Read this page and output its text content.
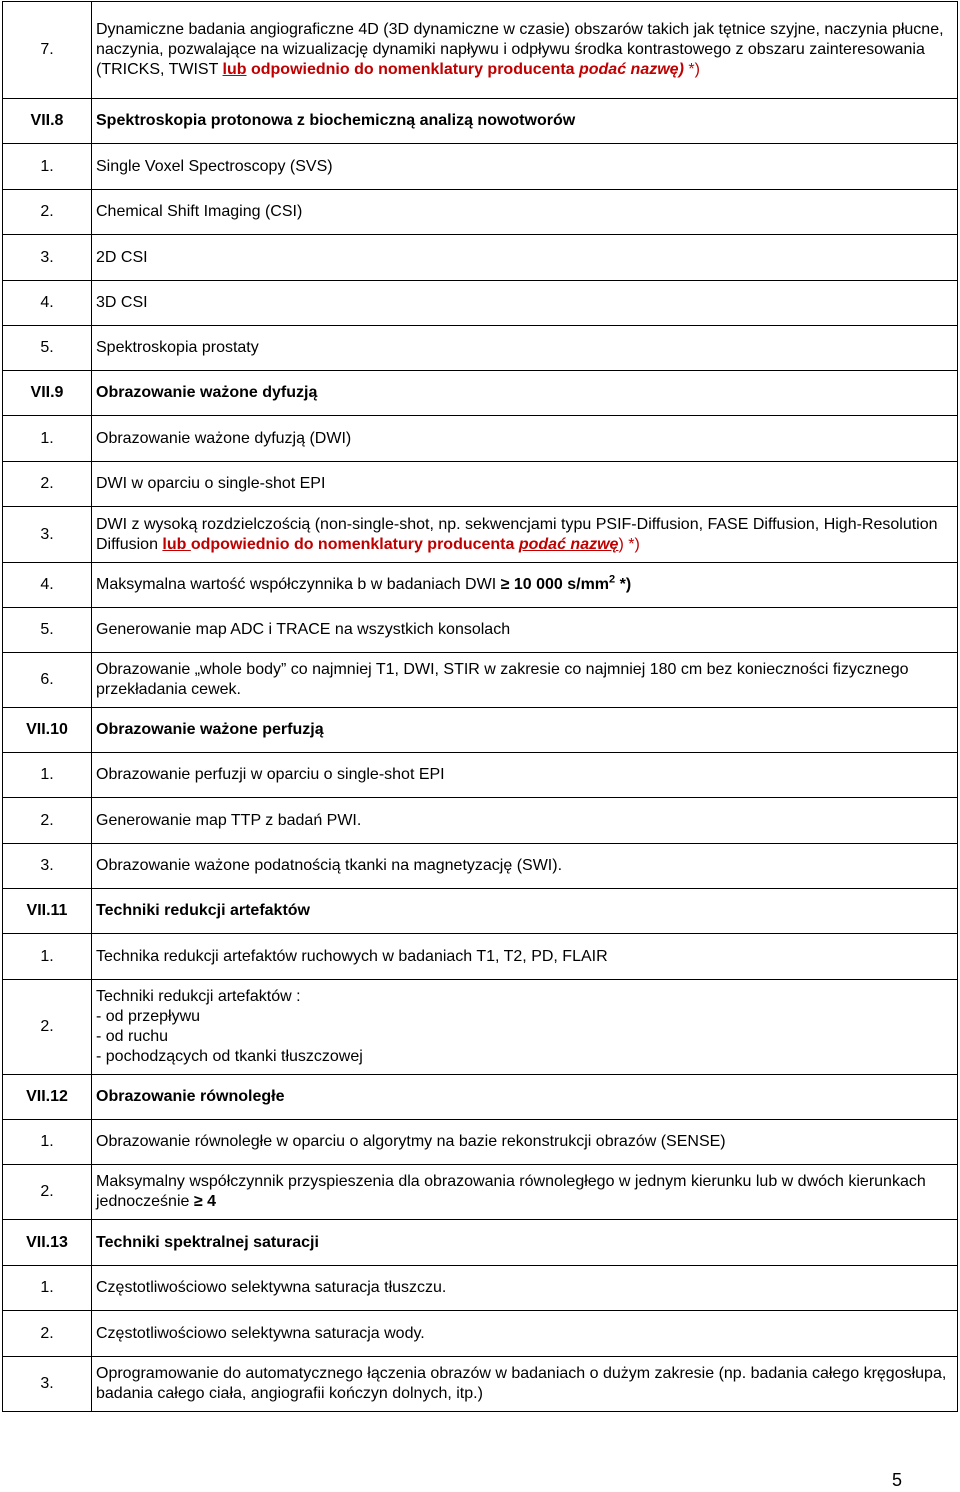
7.	Dynamiczne badania angiograficzne 4D (3D dynamiczne w czasie) obszarów takich jak tętnice szyjne, naczynia płucne, naczynia, pozwalające na wizualizację dynamiki napływu i odpływu środka kontrastowego z obszaru zainteresowania (TRICKS, TWIST lub odpowiednio do nomenklatury producenta podać nazwę) *)
VII.8	Spektroskopia protonowa z biochemiczną analizą nowotworów
1.	Single Voxel Spectroscopy (SVS)
2.	Chemical Shift Imaging (CSI)
3.	2D CSI
4.	3D CSI
5.	Spektroskopia prostaty
VII.9	Obrazowanie ważone dyfuzją
1.	Obrazowanie ważone dyfuzją (DWI)
2.	DWI w oparciu o single-shot EPI
3.	DWI z wysoką rozdzielczością (non-single-shot, np. sekwencjami typu PSIF-Diffusion, FASE Diffusion, High-Resolution Diffusion lub odpowiednio do nomenklatury producenta podać nazwę) *)
4.	Maksymalna wartość współczynnika b w badaniach DWI ≥ 10 000 $s/mm^2$ *)
5.	Generowanie map ADC i TRACE na wszystkich konsolach
6.	Obrazowanie „whole body” co najmniej T1, DWI, STIR w zakresie co najmniej 180 cm bez konieczności fizycznego przekładania cewek.
VII.10	Obrazowanie ważone perfuzją
1.	Obrazowanie perfuzji w oparciu o single-shot EPI
2.	Generowanie map TTP z badań PWI.
3.	Obrazowanie ważone podatnością tkanki na magnetyzację (SWI).
VII.11	Techniki redukcji artefaktów
1.	Technika redukcji artefaktów ruchowych w badaniach T1, T2, PD, FLAIR
2.	Techniki redukcji artefaktów :
- od przepływu
- od ruchu
- pochodzących od tkanki tłuszczowej

VII.12	Obrazowanie równoległe
1.	Obrazowanie równoległe w oparciu o algorytmy na bazie rekonstrukcji obrazów (SENSE)
2.	Maksymalny współczynnik przyspieszenia dla obrazowania równoległego w jednym kierunku lub w dwóch kierunkach jednocześnie ≥ 4
VII.13	Techniki spektralnej saturacji
1.	Częstotliwościowo selektywna saturacja tłuszczu.
2.	Częstotliwościowo selektywna saturacja wody.
3.	Oprogramowanie do automatycznego łączenia obrazów w badaniach o dużym zakresie (np. badania całego kręgosłupa, badania całego ciała, angiografii kończyn dolnych, itp.)
5
